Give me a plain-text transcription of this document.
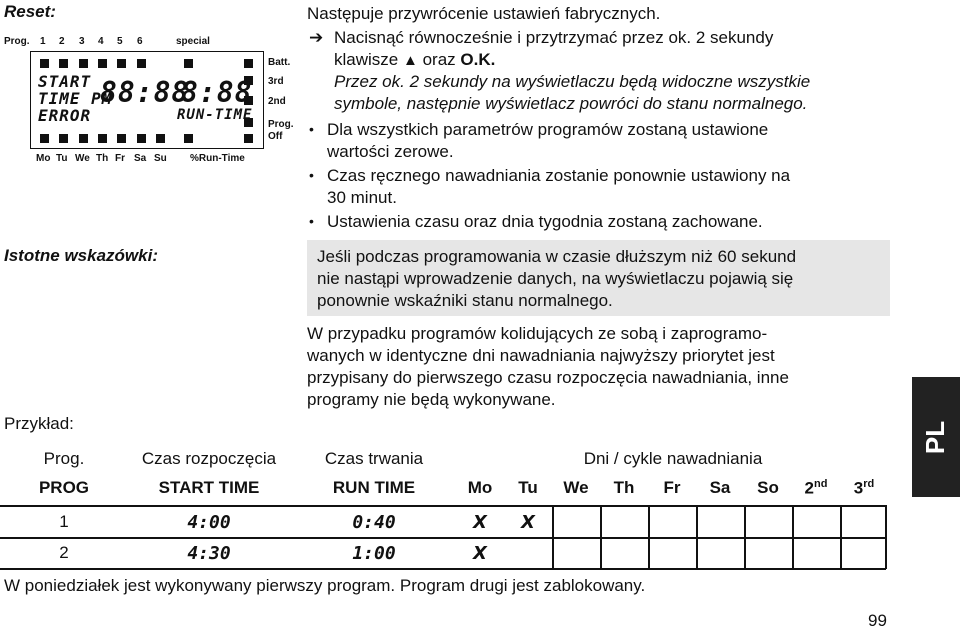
Reset:
Istotne wskazówki:
Przykład:
Prog. 1 2 3 4 5 6	special
START
TIME PM
ERROR
88:88
8:88
RUN-TIME
Batt.
3rd
2nd
Prog.
Off
Mo Tu We Th Fr Sa Su %Run-Time
Następuje przywrócenie ustawień fabrycznych.
➔ Nacisnąć równocześnie i przytrzymać przez ok. 2 sekundy
klawisze ▲ oraz O.K.
Przez ok. 2 sekundy na wyświetlaczu będą widoczne wszystkie
symbole, następnie wyświetlacz powróci do stanu normalnego.
• Dla wszystkich parametrów programów zostaną ustawione
wartości zerowe.
• Czas ręcznego nawadniania zostanie ponownie ustawiony na
30 minut.
• Ustawienia czasu oraz dnia tygodnia zostaną zachowane.
Jeśli podczas programowania w czasie dłuższym niż 60 sekund
nie nastąpi wprowadzenie danych, na wyświetlaczu pojawią się
ponownie wskaźniki stanu normalnego.
W przypadku programów kolidujących ze sobą i zaprogramo-
wanych w identyczne dni nawadniania najwyższy priorytet jest
przypisany do pierwszego czasu rozpoczęcia nawadniania, inne
programy nie będą wykonywane.
PL
Prog.	Czas rozpoczęcia	Czas trwania	Dni / cykle nawadniania
PROG	START TIME	RUN TIME	Mo	Tu	We	Th	Fr	Sa	So	2nd	3rd
1	4:00	0:40	X	X
2	4:30	1:00	X
W poniedziałek jest wykonywany pierwszy program. Program drugi jest zablokowany.
99
